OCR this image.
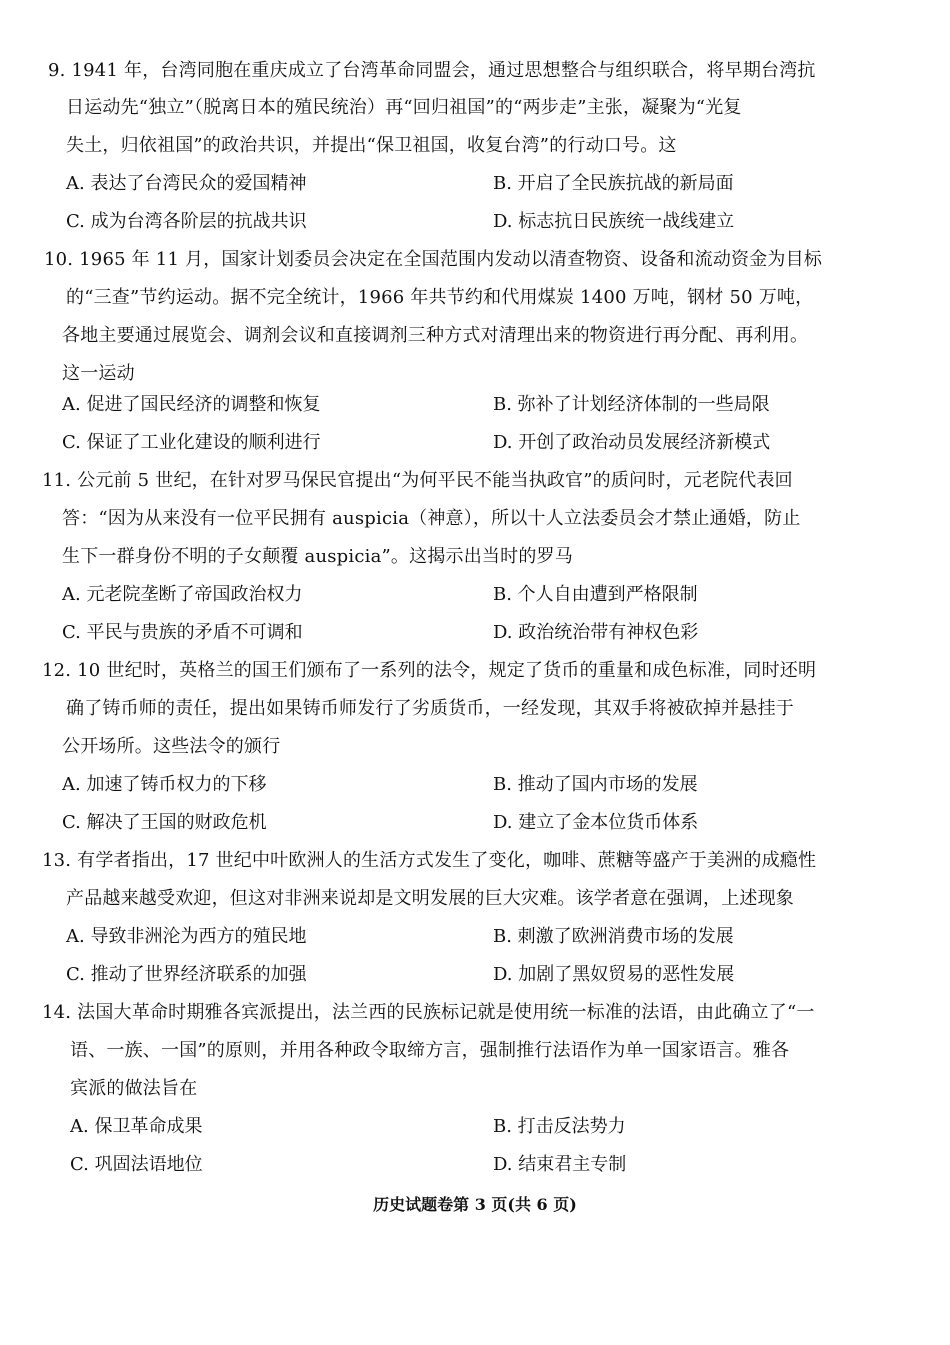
9. 1941 年，台湾同胞在重庆成立了台湾革命同盟会，通过思想整合与组织联合，将早期台湾抗
日运动先“独立”（脱离日本的殖民统治）再“回归祖国”的“两步走”主张，凝聚为“光复
失土，归依祖国”的政治共识，并提出“保卫祖国，收复台湾”的行动口号。这
A. 表达了台湾民众的爱国精神	B. 开启了全民族抗战的新局面
C. 成为台湾各阶层的抗战共识	D. 标志抗日民族统一战线建立
10. 1965 年 11 月，国家计划委员会决定在全国范围内发动以清查物资、设备和流动资金为目标
的“三查”节约运动。据不完全统计，1966 年共节约和代用煤炭 1400 万吨，钢材 50 万吨，
各地主要通过展览会、调剂会议和直接调剂三种方式对清理出来的物资进行再分配、再利用。
这一运动
A. 促进了国民经济的调整和恢复	B. 弥补了计划经济体制的一些局限
C. 保证了工业化建设的顺利进行	D. 开创了政治动员发展经济新模式
11. 公元前 5 世纪，在针对罗马保民官提出“为何平民不能当执政官”的质问时，元老院代表回
答：“因为从来没有一位平民拥有 auspicia（神意），所以十人立法委员会才禁止通婚，防止
生下一群身份不明的子女颠覆 auspicia”。这揭示出当时的罗马
A. 元老院垄断了帝国政治权力	B. 个人自由遭到严格限制
C. 平民与贵族的矛盾不可调和	D. 政治统治带有神权色彩
12. 10 世纪时，英格兰的国王们颁布了一系列的法令，规定了货币的重量和成色标准，同时还明
确了铸币师的责任，提出如果铸币师发行了劣质货币，一经发现，其双手将被砍掉并悬挂于
公开场所。这些法令的颁行
A. 加速了铸币权力的下移	B. 推动了国内市场的发展
C. 解决了王国的财政危机	D. 建立了金本位货币体系
13. 有学者指出，17 世纪中叶欧洲人的生活方式发生了变化，咖啡、蔗糖等盛产于美洲的成瘾性
产品越来越受欢迎，但这对非洲来说却是文明发展的巨大灾难。该学者意在强调，上述现象
A. 导致非洲沦为西方的殖民地	B. 刺激了欧洲消费市场的发展
C. 推动了世界经济联系的加强	D. 加剧了黑奴贸易的恶性发展
14. 法国大革命时期雅各宾派提出，法兰西的民族标记就是使用统一标准的法语，由此确立了“一
语、一族、一国”的原则，并用各种政令取缔方言，强制推行法语作为单一国家语言。雅各
宾派的做法旨在
A. 保卫革命成果	B. 打击反法势力
C. 巩固法语地位	D. 结束君主专制
历史试题卷第 3 页(共 6 页)
